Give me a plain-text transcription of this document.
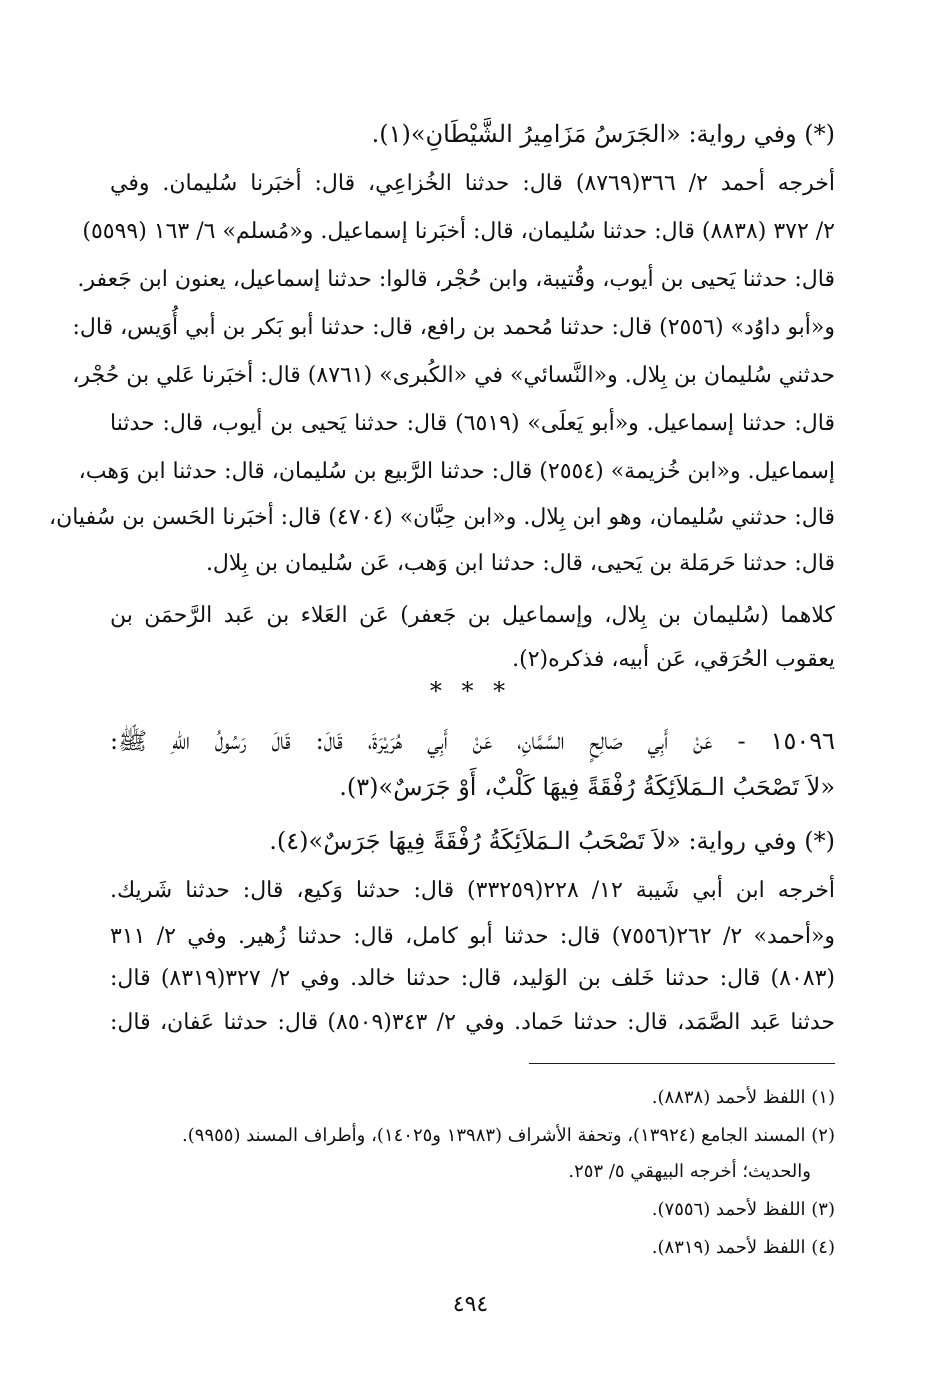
(*) وفي رواية: «الجَرَسُ مَزَامِيرُ الشَّيْطَانِ»(١).
أخرجه أحمد ٢/ ٣٦٦(٨٧٦٩) قال: حدثنا الخُزاعِي، قال: أخبَرنا سُليمان. وفي
٢/ ٣٧٢ (٨٨٣٨) قال: حدثنا سُليمان، قال: أخبَرنا إسماعيل. و«مُسلم» ٦/ ١٦٣ (٥٥٩٩)
قال: حدثنا يَحيى بن أيوب، وقُتيبة، وابن حُجْر، قالوا: حدثنا إسماعيل، يعنون ابن جَعفر.
و«أبو داوُد» (٢٥٥٦) قال: حدثنا مُحمد بن رافع، قال: حدثنا أبو بَكر بن أبي أُوَيس، قال:
حدثني سُليمان بن بِلال. و«النَّسائي» في «الكُبرى» (٨٧٦١) قال: أخبَرنا عَلي بن حُجْر،
قال: حدثنا إسماعيل. و«أبو يَعلَى» (٦٥١٩) قال: حدثنا يَحيى بن أيوب، قال: حدثنا
إسماعيل. و«ابن خُزيمة» (٢٥٥٤) قال: حدثنا الرَّبيع بن سُليمان، قال: حدثنا ابن وَهب،
قال: حدثني سُليمان، وهو ابن بِلال. و«ابن حِبَّان» (٤٧٠٤) قال: أخبَرنا الحَسن بن سُفيان،
قال: حدثنا حَرمَلة بن يَحيى، قال: حدثنا ابن وَهب، عَن سُليمان بن بِلال.
كلاهما (سُليمان بن بِلال، وإسماعيل بن جَعفر) عَن العَلاء بن عَبد الرَّحمَن بن
يعقوب الحُرَقي، عَن أبيه، فذكره(٢).
* * *
١٥٠٩٦ - عَنْ أَبِي صَالِحٍ السَّمَّانِ، عَنْ أَبِي هُرَيْرَةَ، قَالَ: قَالَ رَسُولُ اللهِ ﷺ:
«لاَ تَصْحَبُ الـمَلاَئِكَةُ رُفْقَةً فِيهَا كَلْبٌ، أَوْ جَرَسٌ»(٣).
(*) وفي رواية: «لاَ تَصْحَبُ الـمَلاَئِكَةُ رُفْقَةً فِيهَا جَرَسٌ»(٤).
أخرجه ابن أبي شَيبة ١٢/ ٢٢٨(٣٣٢٥٩) قال: حدثنا وَكيع، قال: حدثنا شَريك.
و«أحمد» ٢/ ٢٦٢(٧٥٥٦) قال: حدثنا أبو كامل، قال: حدثنا زُهير. وفي ٢/ ٣١١
(٨٠٨٣) قال: حدثنا خَلف بن الوَليد، قال: حدثنا خالد. وفي ٢/ ٣٢٧(٨٣١٩) قال:
حدثنا عَبد الصَّمَد، قال: حدثنا حَماد. وفي ٢/ ٣٤٣(٨٥٠٩) قال: حدثنا عَفان، قال:
(١) اللفظ لأحمد (٨٨٣٨).
(٢) المسند الجامع (١٣٩٢٤)، وتحفة الأشراف (١٣٩٨٣ و١٤٠٢٥)، وأطراف المسند (٩٩٥٥).
والحديث؛ أخرجه البيهقي ٥/ ٢٥٣.
(٣) اللفظ لأحمد (٧٥٥٦).
(٤) اللفظ لأحمد (٨٣١٩).
٤٩٤
